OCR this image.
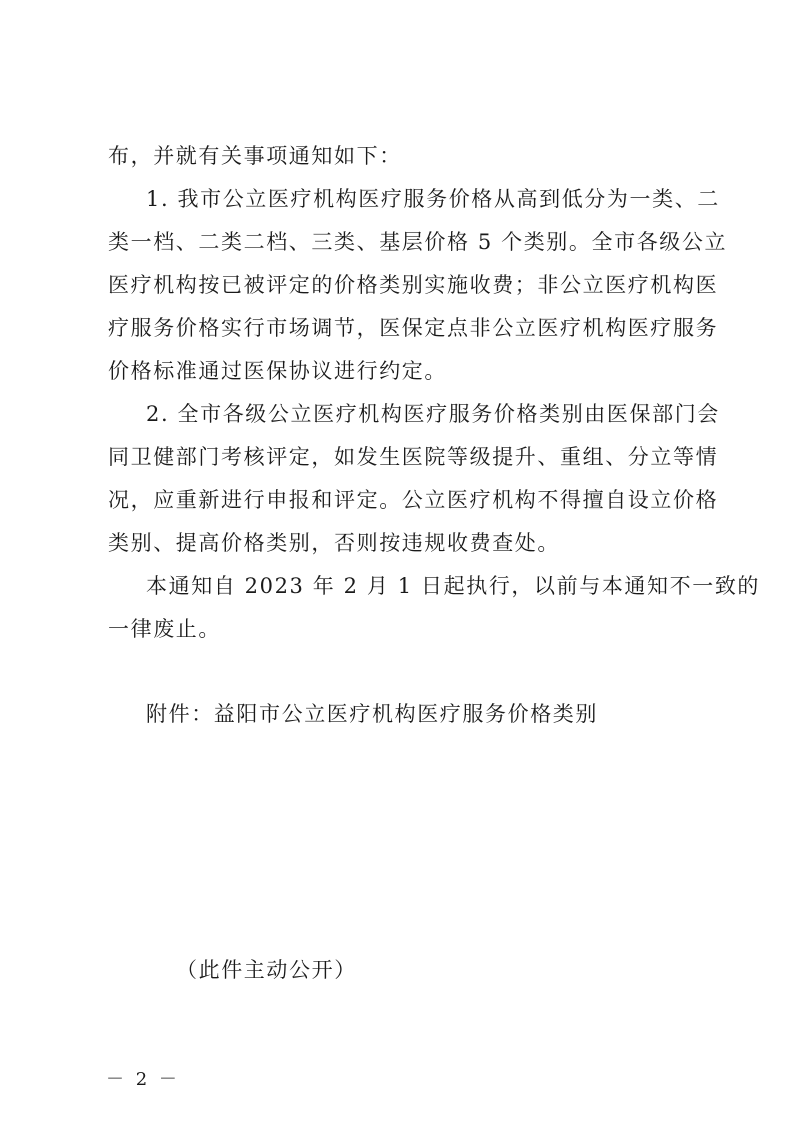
布，并就有关事项通知如下：
1. 我市公立医疗机构医疗服务价格从高到低分为一类、二
类一档、二类二档、三类、基层价格 5 个类别。全市各级公立
医疗机构按已被评定的价格类别实施收费；非公立医疗机构医
疗服务价格实行市场调节，医保定点非公立医疗机构医疗服务
价格标准通过医保协议进行约定。
2. 全市各级公立医疗机构医疗服务价格类别由医保部门会
同卫健部门考核评定，如发生医院等级提升、重组、分立等情
况，应重新进行申报和评定。公立医疗机构不得擅自设立价格
类别、提高价格类别，否则按违规收费查处。
本通知自 2023 年 2 月 1 日起执行，以前与本通知不一致的
一律废止。
附件：益阳市公立医疗机构医疗服务价格类别
（此件主动公开）
－ 2 －
